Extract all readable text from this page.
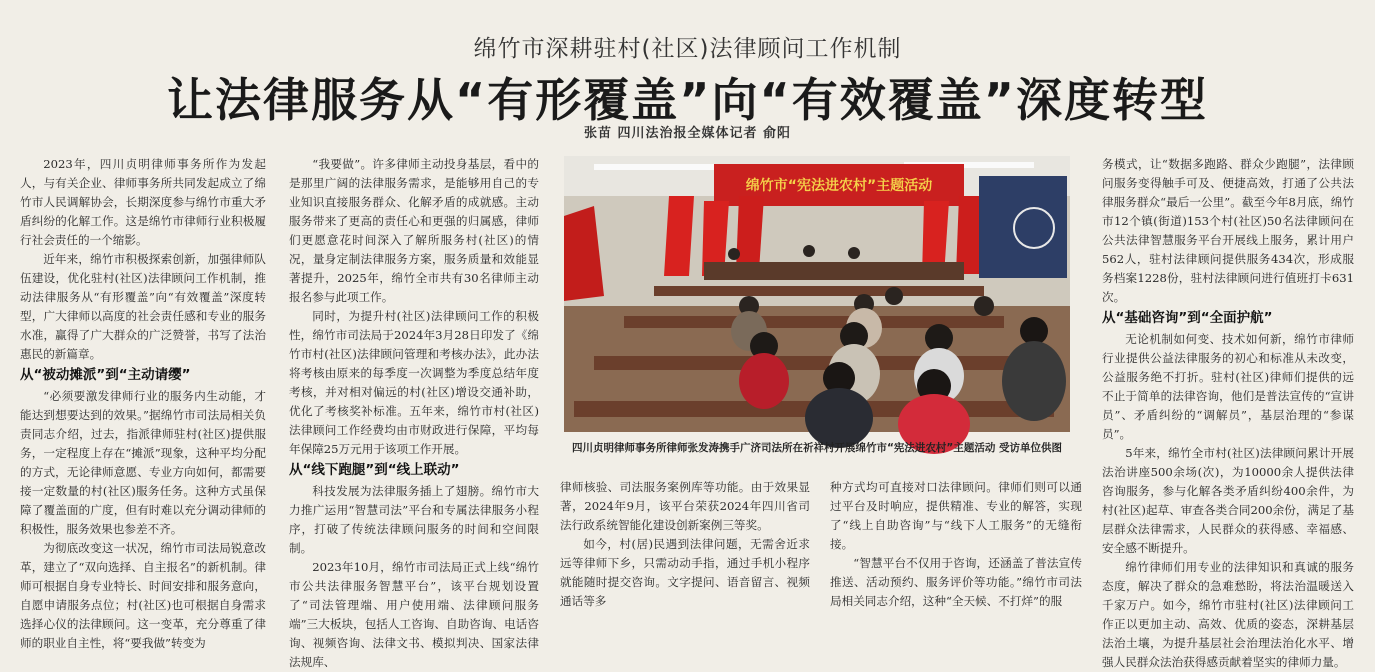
绵竹市深耕驻村(社区)法律顾问工作机制
让法律服务从“有形覆盖”向“有效覆盖”深度转型
张苗 四川法治报全媒体记者 俞阳

2023年，四川贞明律师事务所作为发起人，与有关企业、律师事务所共同发起成立了绵竹市人民调解协会，长期深度参与绵竹市重大矛盾纠纷的化解工作。这是绵竹市律师行业积极履行社会责任的一个缩影。

近年来，绵竹市积极探索创新，加强律师队伍建设，优化驻村(社区)法律顾问工作机制，推动法律服务从“有形覆盖”向“有效覆盖”深度转型，广大律师以高度的社会责任感和专业的服务水准，赢得了广大群众的广泛赞誉，书写了法治惠民的新篇章。

从“被动摊派”到“主动请缨”

“必须要激发律师行业的服务内生动能，才能达到想要达到的效果。”据绵竹市司法局相关负责同志介绍，过去，指派律师驻村(社区)提供服务，一定程度上存在“摊派”现象，这种平均分配的方式，无论律师意愿、专业方向如何，都需要接一定数量的村(社区)服务任务。这种方式虽保障了覆盖面的广度，但有时难以充分调动律师的积极性，服务效果也参差不齐。

为彻底改变这一状况，绵竹市司法局锐意改革，建立了“双向选择、自主报名”的新机制。律师可根据自身专业特长、时间安排和服务意向，自愿申请服务点位；村(社区)也可根据自身需求选择心仪的法律顾问。这一变革，充分尊重了律师的职业自主性，将“要我做”转变为

“我要做”。许多律师主动投身基层，看中的是那里广阔的法律服务需求，是能够用自己的专业知识直接服务群众、化解矛盾的成就感。主动服务带来了更高的责任心和更强的归属感，律师们更愿意花时间深入了解所服务村(社区)的情况，量身定制法律服务方案，服务质量和效能显著提升，2025年，绵竹全市共有30名律师主动报名参与此项工作。

同时，为提升村(社区)法律顾问工作的积极性，绵竹市司法局于2024年3月28日印发了《绵竹市村(社区)法律顾问管理和考核办法》，此办法将考核由原来的每季度一次调整为季度总结年度考核，并对相对偏远的村(社区)增设交通补助，优化了考核奖补标准。五年来，绵竹市村(社区)法律顾问工作经费均由市财政进行保障，平均每年保障25万元用于该项工作开展。

从“线下跑腿”到“线上联动”

科技发展为法律服务插上了翅膀。绵竹市大力推广运用“智慧司法”平台和专属法律服务小程序，打破了传统法律顾问服务的时间和空间限制。

2023年10月，绵竹市司法局正式上线“绵竹市公共法律服务智慧平台”，该平台规划设置了“司法管理端、用户使用端、法律顾问服务端”三大板块，包括人工咨询、自助咨询、电话咨询、视频咨询、法律文书、模拟判决、国家法律法规库、

绵竹市“宪法进农村”主题活动
四川贞明律师事务所律师张发涛携手广济司法所在祈祥村开展绵竹市“宪法进农村”主题活动 受访单位供图

律师核验、司法服务案例库等功能。由于效果显著，2024年9月，该平台荣获2024年四川省司法行政系统智能化建设创新案例三等奖。

如今，村(居)民遇到法律问题，无需舍近求远等律师下乡，只需动动手指，通过手机小程序就能随时提交咨询。文字提问、语音留言、视频通话等多

种方式均可直接对口法律顾问。律师们则可以通过平台及时响应，提供精准、专业的解答，实现了“线上自助咨询”与“线下人工服务”的无缝衔接。

“智慧平台不仅用于咨询，还涵盖了普法宣传推送、活动预约、服务评价等功能。”绵竹市司法局相关同志介绍，这种“全天候、不打烊”的服

务模式，让“数据多跑路、群众少跑腿”，法律顾问服务变得触手可及、便捷高效，打通了公共法律服务群众“最后一公里”。截至今年8月底，绵竹市12个镇(街道)153个村(社区)50名法律顾问在公共法律智慧服务平台开展线上服务，累计用户562人，驻村法律顾问提供服务434次，形成服务档案1228份，驻村法律顾问进行值班打卡631次。

从“基础咨询”到“全面护航”

无论机制如何变、技术如何新，绵竹市律师行业提供公益法律服务的初心和标准从未改变，公益服务绝不打折。驻村(社区)律师们提供的远不止于简单的法律咨询，他们是普法宣传的“宣讲员”、矛盾纠纷的“调解员”，基层治理的“参谋员”。

5年来，绵竹全市村(社区)法律顾问累计开展法治讲座500余场(次)，为10000余人提供法律咨询服务，参与化解各类矛盾纠纷400余件，为村(社区)起草、审查各类合同200余份，满足了基层群众法律需求，人民群众的获得感、幸福感、安全感不断提升。

绵竹律师们用专业的法律知识和真诚的服务态度，解决了群众的急难愁盼，将法治温暖送入千家万户。如今，绵竹市驻村(社区)法律顾问工作正以更加主动、高效、优质的姿态，深耕基层法治土壤，为提升基层社会治理法治化水平、增强人民群众法治获得感贡献着坚实的律师力量。
